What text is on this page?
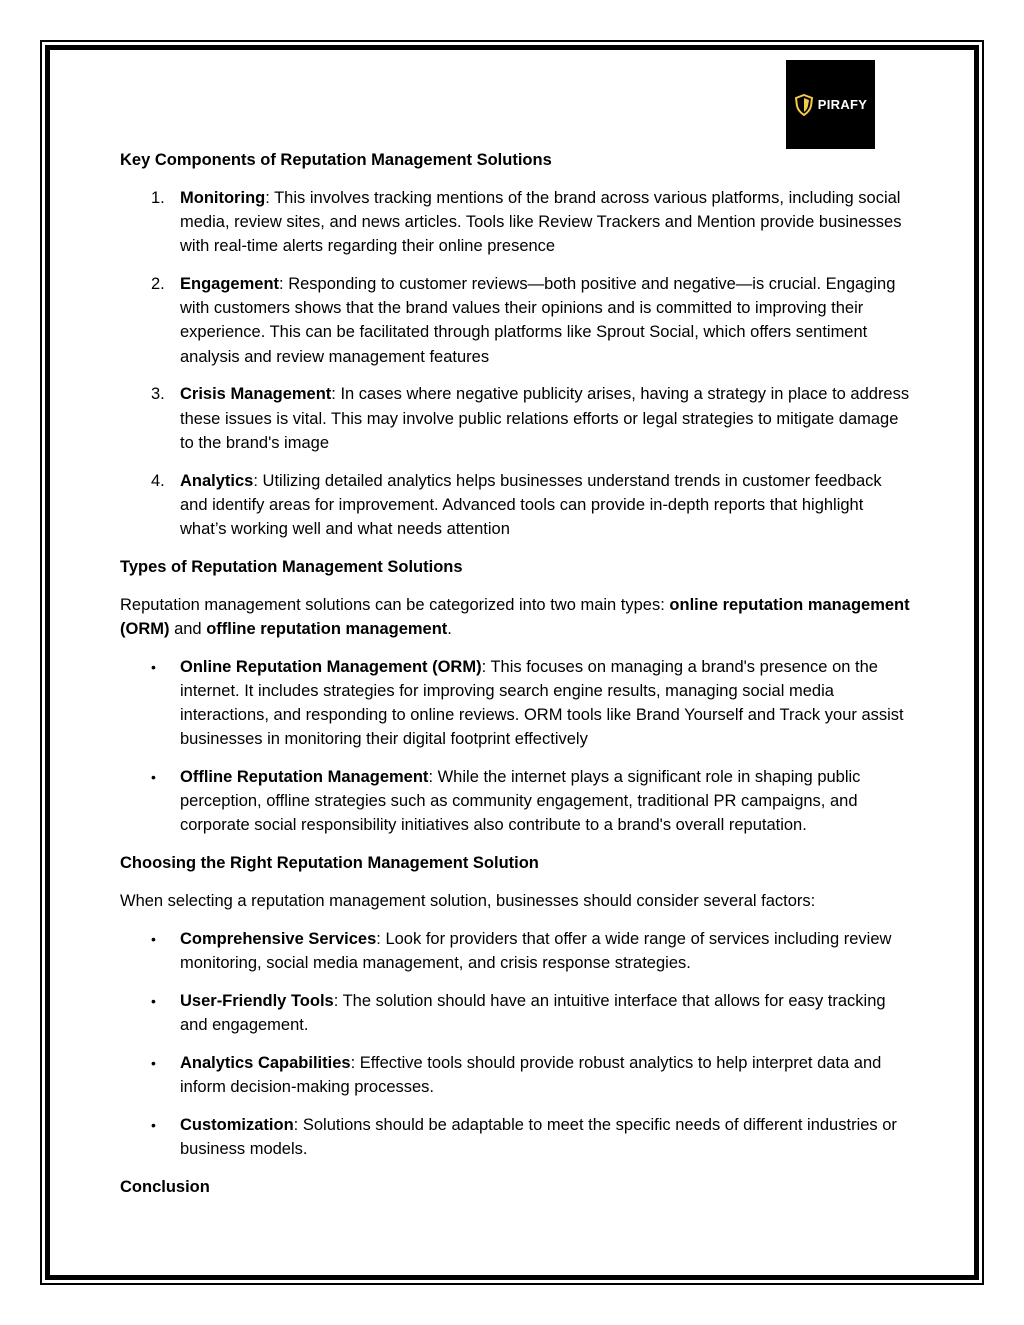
PIRAFY
Key Components of Reputation Management Solutions
1. Monitoring: This involves tracking mentions of the brand across various platforms, including social media, review sites, and news articles. Tools like Review Trackers and Mention provide businesses with real-time alerts regarding their online presence
2. Engagement: Responding to customer reviews—both positive and negative—is crucial. Engaging with customers shows that the brand values their opinions and is committed to improving their experience. This can be facilitated through platforms like Sprout Social, which offers sentiment analysis and review management features
3. Crisis Management: In cases where negative publicity arises, having a strategy in place to address these issues is vital. This may involve public relations efforts or legal strategies to mitigate damage to the brand's image
4. Analytics: Utilizing detailed analytics helps businesses understand trends in customer feedback and identify areas for improvement. Advanced tools can provide in-depth reports that highlight what’s working well and what needs attention
Types of Reputation Management Solutions

Reputation management solutions can be categorized into two main types: online reputation management (ORM) and offline reputation management.

• Online Reputation Management (ORM): This focuses on managing a brand's presence on the internet. It includes strategies for improving search engine results, managing social media interactions, and responding to online reviews. ORM tools like Brand Yourself and Track your assist businesses in monitoring their digital footprint effectively
• Offline Reputation Management: While the internet plays a significant role in shaping public perception, offline strategies such as community engagement, traditional PR campaigns, and corporate social responsibility initiatives also contribute to a brand's overall reputation.
Choosing the Right Reputation Management Solution

When selecting a reputation management solution, businesses should consider several factors:

• Comprehensive Services: Look for providers that offer a wide range of services including review monitoring, social media management, and crisis response strategies.
• User-Friendly Tools: The solution should have an intuitive interface that allows for easy tracking and engagement.
• Analytics Capabilities: Effective tools should provide robust analytics to help interpret data and inform decision-making processes.
• Customization: Solutions should be adaptable to meet the specific needs of different industries or business models.
Conclusion
